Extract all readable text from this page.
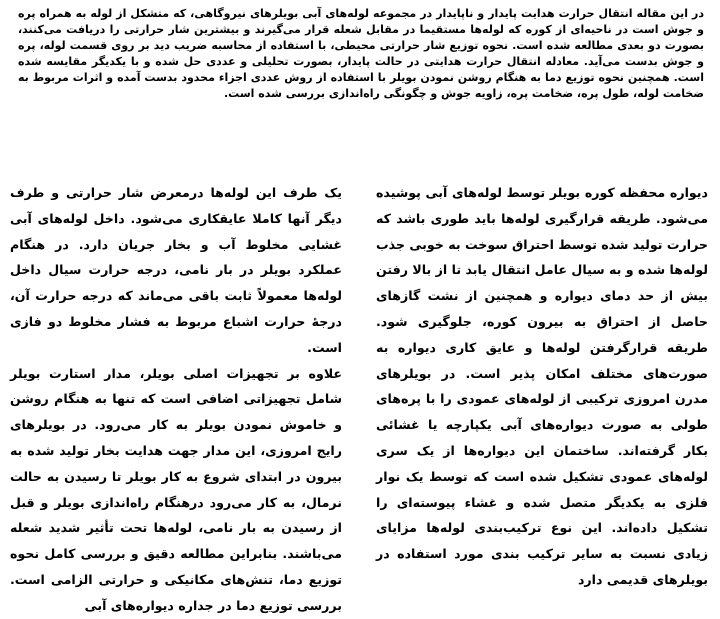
در این مقاله انتقال حرارت هدایت پایدار و ناپایدار در مجموعه لوله‌های آبی بویلرهای نیروگاهی، که متشکل از لوله به همراه پره و جوش است در ناحیه‌ای از کوره که لوله‌ها مستقیما در مقابل شعله قرار می‌گیرند و بیشترین شار حرارتی را دریافت می‌کنند، بصورت دو بعدی مطالعه شده است. نحوه توزیع شار حرارتی محیطی، با استفاده از محاسبه ضریب دید بر روی قسمت لوله، پره و جوش بدست می‌آید. معادله انتقال حرارت هدایتی در حالت پایدار، بصورت تحلیلی و عددی حل شده و با یکدیگر مقایسه شده است. همچنین نحوه توزیع دما به هنگام روشن نمودن بویلر با استفاده از روش عددی اجزاء محدود بدست آمده و اثرات مربوط به ضخامت لوله، طول پره، ضخامت پره، زاویه جوش و چگونگی راه‌اندازی بررسی شده است.

دیواره محفظه کوره بویلر توسط لوله‌های آبی پوشیده می‌شود. طریقه قرارگیری لوله‌ها باید طوری باشد که حرارت تولید شده توسط احتراق سوخت به خوبی جذب لوله‌ها شده و به سیال عامل انتقال یابد تا از بالا رفتن بیش از حد دمای دیواره و همچنین از نشت گازهای حاصل از احتراق به بیرون کوره، جلوگیری شود. طریقه قرارگرفتن لوله‌ها و عایق کاری دیواره به صورت‌های مختلف امکان پذیر است. در بویلرهای مدرن امروزی ترکیبی از لوله‌های عمودی را با پره‌های طولی به صورت دیواره‌های آبی یکپارچه یا غشائی بکار گرفته‌اند. ساختمان این دیواره‌ها از یک سری لوله‌های عمودی تشکیل شده است که توسط یک نوار فلزی به یکدیگر متصل شده و غشاء پیوسته‌ای را تشکیل داده‌اند. این نوع ترکیب‌بندی لوله‌ها مزایای زیادی نسبت به سایر ترکیب بندی مورد استفاده در بویلرهای قدیمی دارد

یک طرف این لوله‌ها درمعرض شار حرارتی و طرف دیگر آنها کاملا عایقکاری می‌شود. داخل لوله‌های آبی غشایی مخلوط آب و بخار جریان دارد. در هنگام عملکرد بویلر در بار نامی، درجه حرارت سیال داخل لوله‌ها معمولاً ثابت باقی می‌ماند که درجه حرارت آن، درجهٔ حرارت اشباع مربوط به فشار مخلوط دو فازی است.

علاوه بر تجهیزات اصلی بویلر، مدار استارت بویلر شامل تجهیزاتی اضافی است که تنها به هنگام روشن و خاموش نمودن بویلر به کار می‌رود. در بویلرهای رایج امروزی، این مدار جهت هدایت بخار تولید شده به بیرون در ابتدای شروع به کار بویلر تا رسیدن به حالت نرمال، به کار می‌رود درهنگام راه‌اندازی بویلر و قبل از رسیدن به بار نامی، لوله‌ها تحت تأثیر شدید شعله می‌باشند. بنابراین مطالعه دقیق و بررسی کامل نحوه توزیع دما، تنش‌های مکانیکی و حرارتی الزامی است. بررسی توزیع دما در جداره دیواره‌های آبی
